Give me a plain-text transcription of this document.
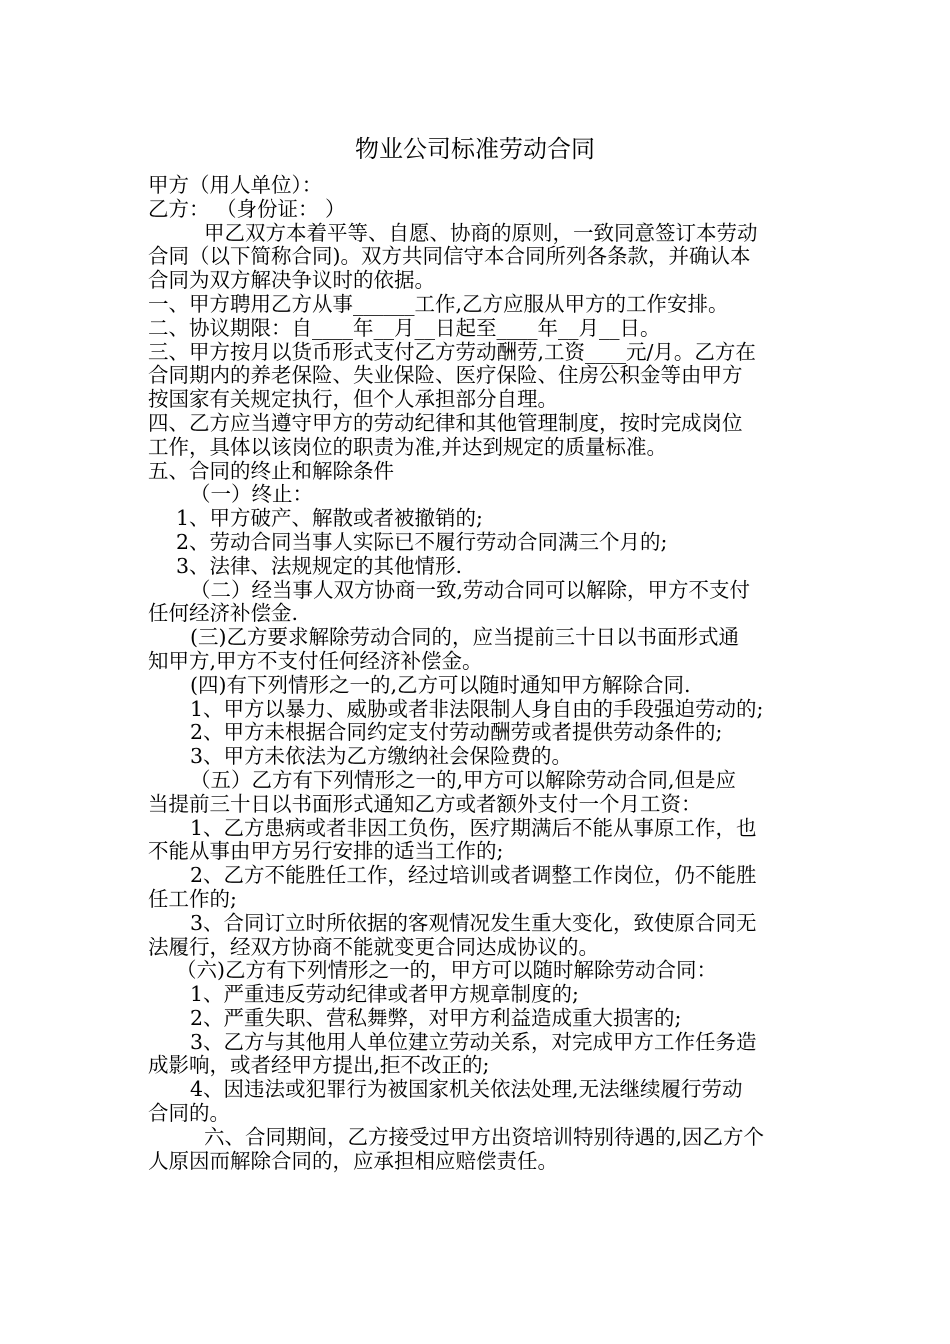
物业公司标准劳动合同
甲方（用人单位）：
乙方： （身份证： ）
甲乙双方本着平等、自愿、协商的原则，一致同意签订本劳动
合同（以下简称合同)。双方共同信守本合同所列各条款，并确认本
合同为双方解决争议时的依据。
一、甲方聘用乙方从事______工作,乙方应服从甲方的工作安排。
二、协议期限：自____年__月__日起至____年__月__日。
三、甲方按月以货币形式支付乙方劳动酬劳,工资____元/月。乙方在
合同期内的养老保险、失业保险、医疗保险、住房公积金等由甲方
按国家有关规定执行，但个人承担部分自理。
四、乙方应当遵守甲方的劳动纪律和其他管理制度，按时完成岗位
工作，具体以该岗位的职责为准,并达到规定的质量标准。
五、合同的终止和解除条件
（一）终止：
1、甲方破产、解散或者被撤销的;
2、劳动合同当事人实际已不履行劳动合同满三个月的;
3、法律、法规规定的其他情形.
（二）经当事人双方协商一致,劳动合同可以解除，甲方不支付
任何经济补偿金.
(三)乙方要求解除劳动合同的，应当提前三十日以书面形式通
知甲方,甲方不支付任何经济补偿金。
(四)有下列情形之一的,乙方可以随时通知甲方解除合同.
1、甲方以暴力、威胁或者非法限制人身自由的手段强迫劳动的;
2、甲方未根据合同约定支付劳动酬劳或者提供劳动条件的;
3、甲方未依法为乙方缴纳社会保险费的。
（五）乙方有下列情形之一的,甲方可以解除劳动合同,但是应
当提前三十日以书面形式通知乙方或者额外支付一个月工资：
1、乙方患病或者非因工负伤，医疗期满后不能从事原工作，也
不能从事由甲方另行安排的适当工作的;
2、乙方不能胜任工作，经过培训或者调整工作岗位，仍不能胜
任工作的;
3、合同订立时所依据的客观情况发生重大变化，致使原合同无
法履行，经双方协商不能就变更合同达成协议的。
（六)乙方有下列情形之一的，甲方可以随时解除劳动合同：
1、严重违反劳动纪律或者甲方规章制度的;
2、严重失职、营私舞弊，对甲方利益造成重大损害的;
3、乙方与其他用人单位建立劳动关系，对完成甲方工作任务造
成影响，或者经甲方提出,拒不改正的;
4、因违法或犯罪行为被国家机关依法处理,无法继续履行劳动
合同的。
六、合同期间，乙方接受过甲方出资培训特别待遇的,因乙方个
人原因而解除合同的，应承担相应赔偿责任。
